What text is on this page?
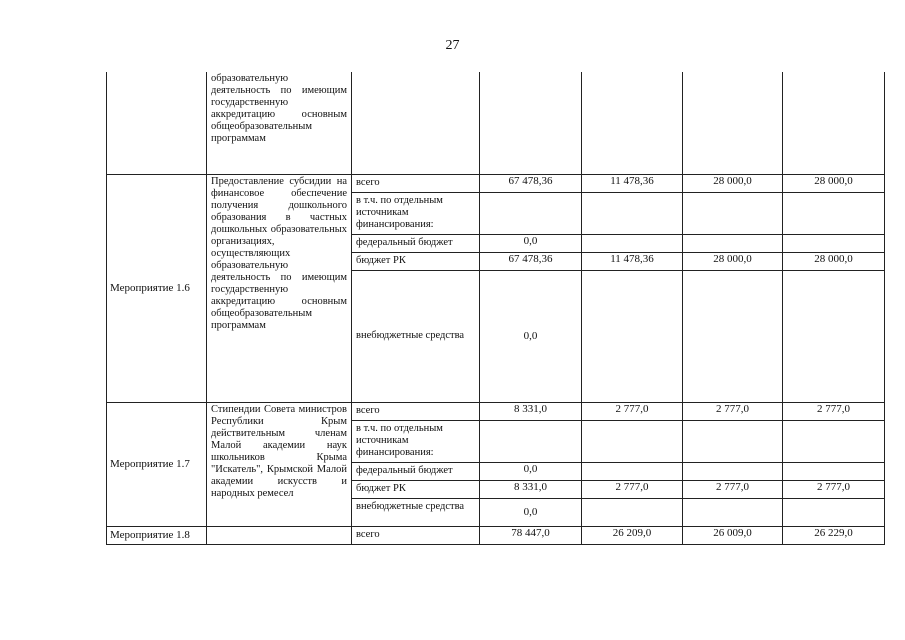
27
	образовательную деятельность по имеющим государственную аккредитацию основным общеобразовательным программам					
Мероприятие 1.6	Предоставление субсидии на финансовое обеспечение получения дошкольного образования в частных дошкольных образовательных организациях, осуществляющих образовательную деятельность по имеющим государственную аккредитацию основным общеобразовательным программам	всего	67 478,36	11 478,36	28 000,0	28 000,0
		в т.ч. по отдельным источникам финансирования:				
		федеральный бюджет	0,0			
		бюджет РК	67 478,36	11 478,36	28 000,0	28 000,0
		внебюджетные средства	0,0			
Мероприятие 1.7	Стипендии Совета министров Республики Крым действительным членам Малой академии наук школьников Крыма "Искатель", Крымской Малой академии искусств и народных ремесел	всего	8 331,0	2 777,0	2 777,0	2 777,0
		в т.ч. по отдельным источникам финансирования:				
		федеральный бюджет	0,0			
		бюджет РК	8 331,0	2 777,0	2 777,0	2 777,0
		внебюджетные средства	0,0			
Мероприятие 1.8		всего	78 447,0	26 209,0	26 009,0	26 229,0
